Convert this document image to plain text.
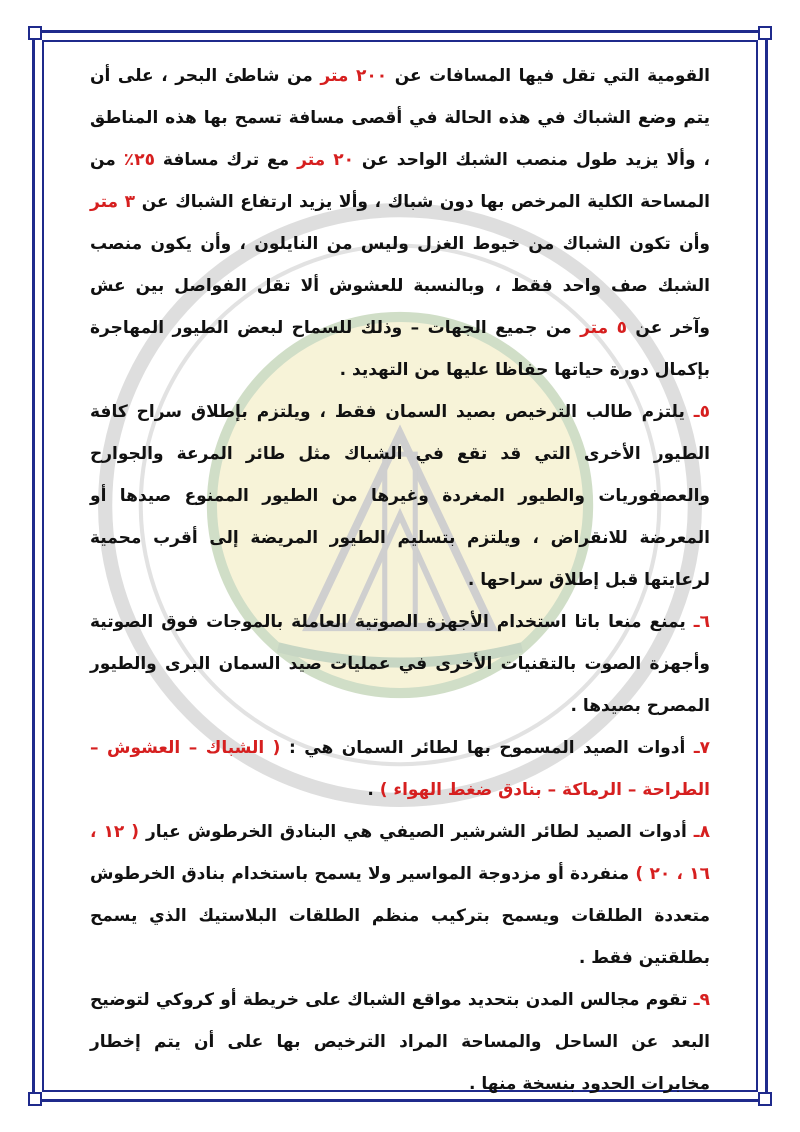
القومية التي تقل فيها المسافات عن ٢٠٠ متر من شاطئ البحر ، على أن يتم وضع الشباك في هذه الحالة في أقصى مسافة تسمح بها هذه المناطق ، وألا يزيد طول منصب الشبك الواحد عن ٢٠ متر مع ترك مسافة ٢٥٪ من المساحة الكلية المرخص بها دون شباك ، وألا يزيد ارتفاع الشباك عن ٣ متر وأن تكون الشباك من خيوط الغزل وليس من النايلون ، وأن يكون منصب الشبك صف واحد فقط ، وبالنسبة للعشوش ألا تقل الفواصل بين عش وآخر عن ٥ متر من جميع الجهات – وذلك للسماح لبعض الطيور المهاجرة بإكمال دورة حياتها حفاظا عليها من التهديد .

٥ـ يلتزم طالب الترخيص بصيد السمان فقط ، ويلتزم بإطلاق سراح كافة الطيور الأخرى التي قد تقع في الشباك مثل طائر المرعة والجوارح والعصفوريات والطيور المغردة وغيرها من الطيور الممنوع صيدها أو المعرضة للانقراض ، ويلتزم بتسليم الطيور المريضة إلى أقرب محمية لرعايتها قبل إطلاق سراحها .

٦ـ يمنع منعا باتا استخدام الأجهزة الصوتية العاملة بالموجات فوق الصوتية وأجهزة الصوت بالتقنيات الأخرى في عمليات صيد السمان البرى والطيور المصرح بصيدها .

٧ـ أدوات الصيد المسموح بها لطائر السمان هي : ( الشباك – العشوش – الطراحة – الرماكة – بنادق ضغط الهواء ) .

٨ـ أدوات الصيد لطائر الشرشير الصيفي هي البنادق الخرطوش عيار ( ١٢ ، ١٦ ، ٢٠ ) منفردة أو مزدوجة المواسير ولا يسمح باستخدام بنادق الخرطوش متعددة الطلقات ويسمح بتركيب منظم الطلقات البلاستيك الذي يسمح بطلقتين فقط .

٩ـ تقوم مجالس المدن بتحديد مواقع الشباك على خريطة أو كروكي لتوضيح البعد عن الساحل والمساحة المراد الترخيص بها على أن يتم إخطار مخابرات الحدود بنسخة منها .
